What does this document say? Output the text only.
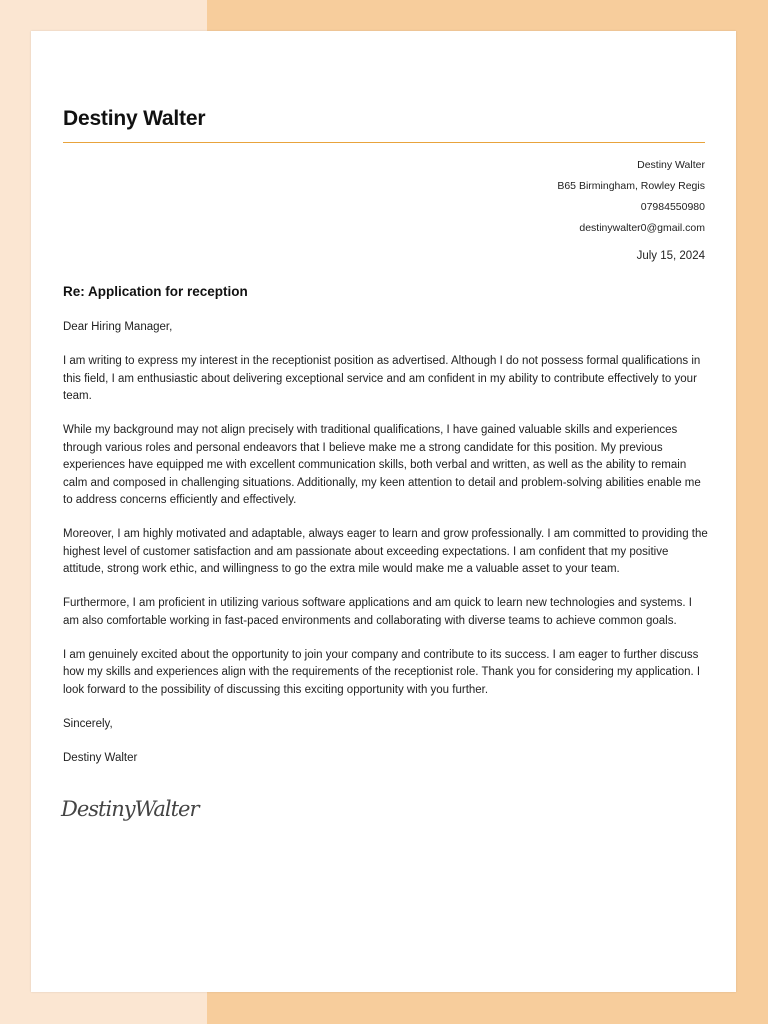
Destiny Walter
Destiny Walter
B65 Birmingham, Rowley Regis
07984550980
destinywalter0@gmail.com
July 15, 2024
Re: Application for reception

Dear Hiring Manager,

I am writing to express my interest in the receptionist position as advertised. Although I do not possess formal qualifications in this field, I am enthusiastic about delivering exceptional service and am confident in my ability to contribute effectively to your team.

While my background may not align precisely with traditional qualifications, I have gained valuable skills and experiences through various roles and personal endeavors that I believe make me a strong candidate for this position. My previous experiences have equipped me with excellent communication skills, both verbal and written, as well as the ability to remain calm and composed in challenging situations. Additionally, my keen attention to detail and problem-solving abilities enable me to address concerns efficiently and effectively.

Moreover, I am highly motivated and adaptable, always eager to learn and grow professionally. I am committed to providing the highest level of customer satisfaction and am passionate about exceeding expectations. I am confident that my positive attitude, strong work ethic, and willingness to go the extra mile would make me a valuable asset to your team.

Furthermore, I am proficient in utilizing various software applications and am quick to learn new technologies and systems. I am also comfortable working in fast-paced environments and collaborating with diverse teams to achieve common goals.

I am genuinely excited about the opportunity to join your company and contribute to its success. I am eager to further discuss how my skills and experiences align with the requirements of the receptionist role. Thank you for considering my application. I look forward to the possibility of discussing this exciting opportunity with you further.

Sincerely,

Destiny Walter

DestinyWalter
